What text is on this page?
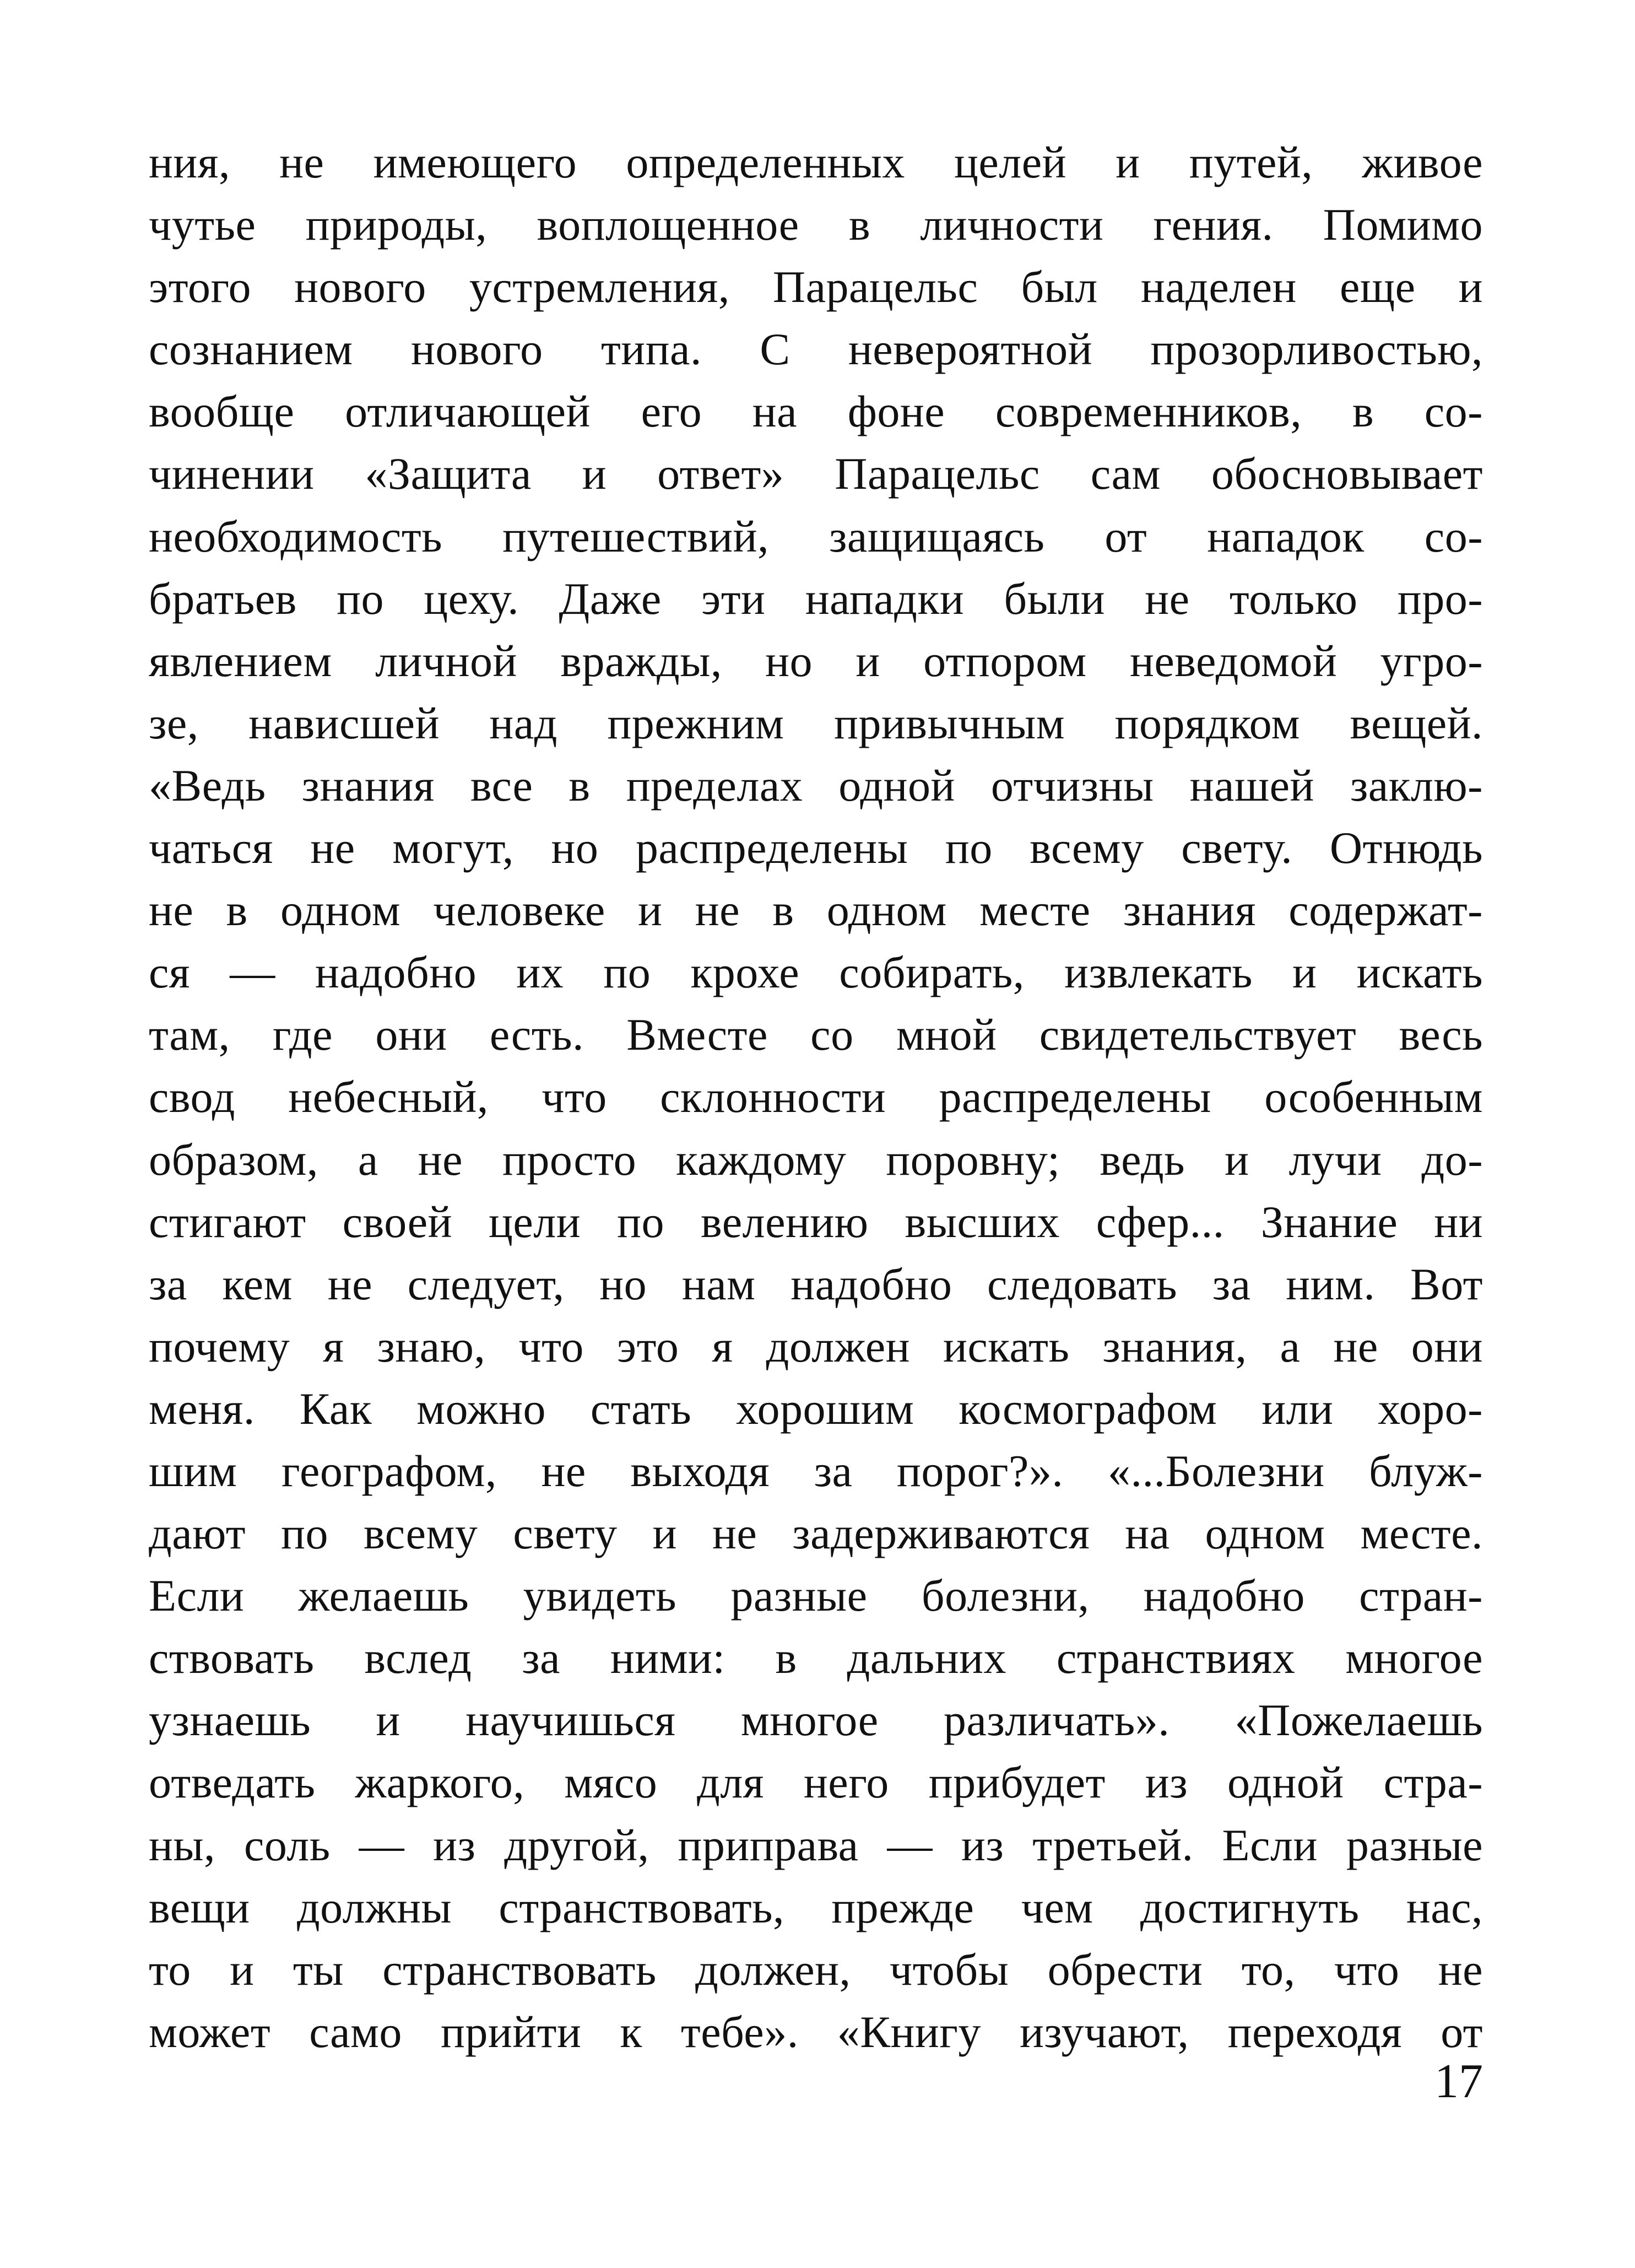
ния, не имеющего определенных целей и путей, живое
чутье природы, воплощенное в личности гения. Помимо
этого нового устремления, Парацельс был наделен еще и
сознанием нового типа. С невероятной прозорливостью,
вообще отличающей его на фоне современников, в со-
чинении «Защита и ответ» Парацельс сам обосновывает
необходимость путешествий, защищаясь от нападок со-
братьев по цеху. Даже эти нападки были не только про-
явлением личной вражды, но и отпором неведомой угро-
зе, нависшей над прежним привычным порядком вещей.
«Ведь знания все в пределах одной отчизны нашей заклю-
чаться не могут, но распределены по всему свету. Отнюдь
не в одном человеке и не в одном месте знания содержат-
ся — надобно их по крохе собирать, извлекать и искать
там, где они есть. Вместе со мной свидетельствует весь
свод небесный, что склонности распределены особенным
образом, а не просто каждому поровну; ведь и лучи до-
стигают своей цели по велению высших сфер... Знание ни
за кем не следует, но нам надобно следовать за ним. Вот
почему я знаю, что это я должен искать знания, а не они
меня. Как можно стать хорошим космографом или хоро-
шим географом, не выходя за порог?». «...Болезни блуж-
дают по всему свету и не задерживаются на одном месте.
Если желаешь увидеть разные болезни, надобно стран-
ствовать вслед за ними: в дальних странствиях многое
узнаешь и научишься многое различать». «Пожелаешь
отведать жаркого, мясо для него прибудет из одной стра-
ны, соль — из другой, приправа — из третьей. Если разные
вещи должны странствовать, прежде чем достигнуть нас,
то и ты странствовать должен, чтобы обрести то, что не
может само прийти к тебе». «Книгу изучают, переходя от
17
